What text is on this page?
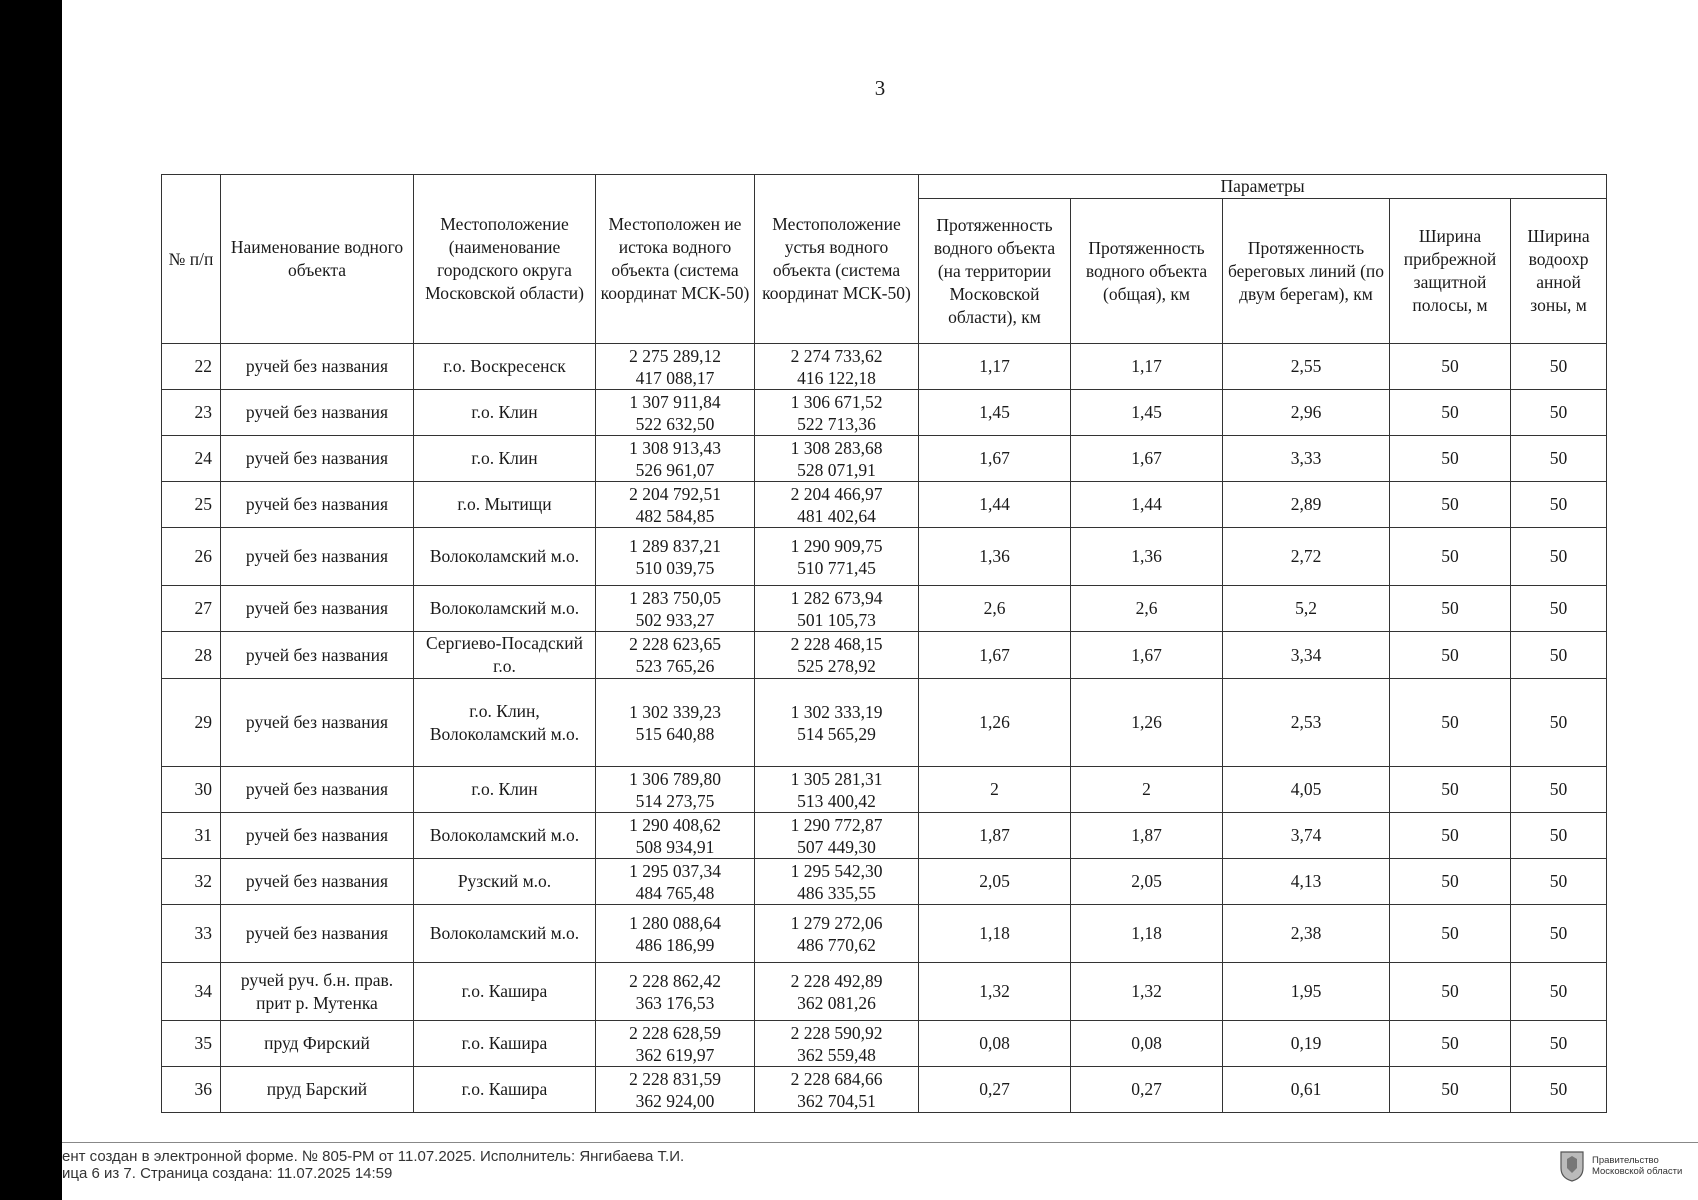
3
№ п/п	Наименование водного объекта	Местоположение (наименование городского округа Московской области)	Местоположен ие истока водного объекта (система координат МСК-50)	Местоположение устья водного объекта (система координат МСК-50)	Параметры				
					Протяженность водного объекта (на территории Московской области), км	Протяженность водного объекта (общая), км	Протяженность береговых линий (по двум берегам), км	Ширина прибрежной защитной полосы, м	Ширина водоохр анной зоны, м
22	ручей без названия	г.о. Воскресенск	2 275 289,12
417 088,17	2 274 733,62
416 122,18	1,17	1,17	2,55	50	50
23	ручей без названия	г.о. Клин	1 307 911,84
522 632,50	1 306 671,52
522 713,36	1,45	1,45	2,96	50	50
24	ручей без названия	г.о. Клин	1 308 913,43
526 961,07	1 308 283,68
528 071,91	1,67	1,67	3,33	50	50
25	ручей без названия	г.о. Мытищи	2 204 792,51
482 584,85	2 204 466,97
481 402,64	1,44	1,44	2,89	50	50
26	ручей без названия	Волоколамский м.о.	1 289 837,21
510 039,75	1 290 909,75
510 771,45	1,36	1,36	2,72	50	50
27	ручей без названия	Волоколамский м.о.	1 283 750,05
502 933,27	1 282 673,94
501 105,73	2,6	2,6	5,2	50	50
28	ручей без названия	Сергиево-Посадский г.о.	2 228 623,65
523 765,26	2 228 468,15
525 278,92	1,67	1,67	3,34	50	50
29	ручей без названия	г.о. Клин, Волоколамский м.о.	1 302 339,23
515 640,88	1 302 333,19
514 565,29	1,26	1,26	2,53	50	50
30	ручей без названия	г.о. Клин	1 306 789,80
514 273,75	1 305 281,31
513 400,42	2	2	4,05	50	50
31	ручей без названия	Волоколамский м.о.	1 290 408,62
508 934,91	1 290 772,87
507 449,30	1,87	1,87	3,74	50	50
32	ручей без названия	Рузский м.о.	1 295 037,34
484 765,48	1 295 542,30
486 335,55	2,05	2,05	4,13	50	50
33	ручей без названия	Волоколамский м.о.	1 280 088,64
486 186,99	1 279 272,06
486 770,62	1,18	1,18	2,38	50	50
34	ручей руч. б.н. прав. прит р. Мутенка	г.о. Кашира	2 228 862,42
363 176,53	2 228 492,89
362 081,26	1,32	1,32	1,95	50	50
35	пруд Фирский	г.о. Кашира	2 228 628,59
362 619,97	2 228 590,92
362 559,48	0,08	0,08	0,19	50	50
36	пруд Барский	г.о. Кашира	2 228 831,59
362 924,00	2 228 684,66
362 704,51	0,27	0,27	0,61	50	50
ент создан в электронной форме. № 805-РМ от 11.07.2025. Исполнитель: Янгибаева Т.И.
ица 6 из 7. Страница создана: 11.07.2025 14:59
Правительство
Московской области
